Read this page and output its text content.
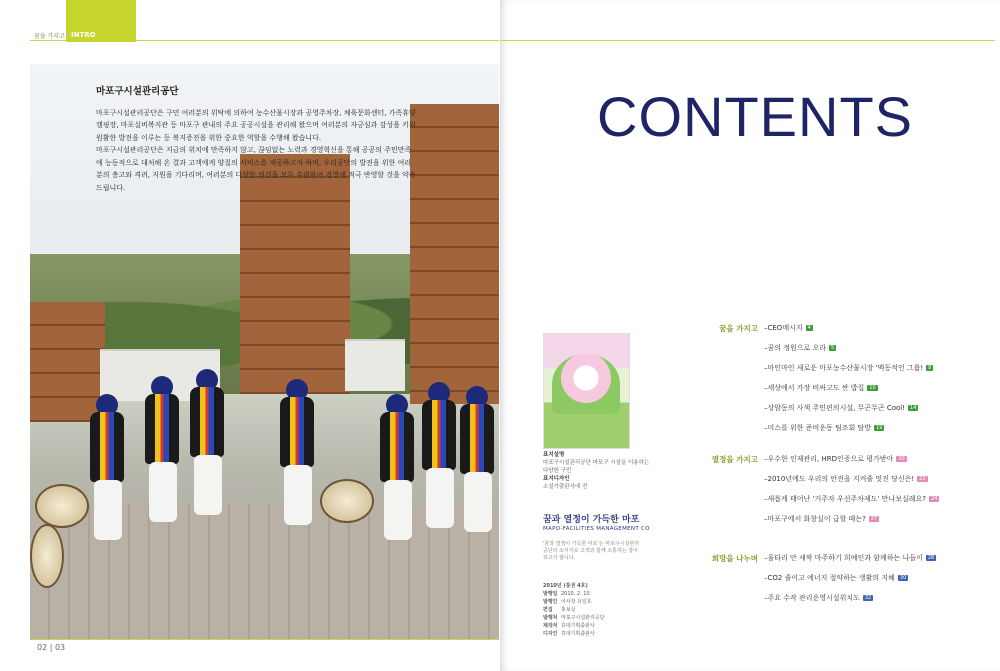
꿈을 가지고 INTRO
마포구시설관리공단

마포구시설관리공단은 구민 여러분의 위탁에 의하여 농수산물시장과 공영주차장, 체육문화센터, 가족휴양캠핑장, 마포실버복지관 등 마포구 관내의 주요 공공시설을 관리해 왔으며 여러분의 자긍심과 감성을 키워 원활한 발전을 이루는 등 복지증진을 위한 중요한 역할을 수행해 왔습니다.

마포구시설관리공단은 지금의 위치에 만족하지 않고, 끊임없는 노력과 경영혁신을 통해 공공의 주민만족에 능동적으로 대처해 온 결과 고객에게 양질의 서비스를 제공하고자 하며, 우리공단의 발전을 위한 여러분의 충고와 격려, 지원을 기다리며, 여러분의 다양한 의견을 모두 수렴하여 경영에 적극 반영할 것을 약속드립니다.

02 | 03
CONTENTS
표지설명
마포구시설관리공단 마포구 시설을 이용하는 다양한 구민
표지디자인
소설가출판사에 전
꿈과 열정이 가득한 마포
MAPO-FACILITIES MANAGEMENT CO
'꿈과 열정이 가득한 마포'는 마포구시설관리공단의 소식지로 고객과 함께 소통하는 창이 되고자 합니다.
2010년 (통권 4호)
발행일 2010. 2. 10
발행인 이사장 유일호
편집 홍보실
발행처 마포구시설관리공단
제작처 휴대기획출판사
디자인 휴대기획출판사
꿈을 가지고 –CEO메시지 4
–꿈의 정원으로 오라 5
–마인마인 새로운 마포농수산물시장 '맥동적인 그룹! 8
–세상에서 가장 비싸고도 싼 밥집 10
–상암동의 사색 주민편의시설, 무곤무곤 Cool! 14
–미스를 위한 준비운동 팀조회 탐방 19
열정을 가지고 –우수한 인재관리, HRD인증으로 평가받아 20
–2010년에도 우리의 안전을 지켜줄 멋진 당신은! 22
–새롭게 태어난 '거주자 우선주차제도' 만나보실래요? 24
–마포구에서 화창실이 급할 때는? 27
희망을 나누며 –울타리 안 새싹 마주하기 희예인과 함께하는 나들이 28
–CO2 줄이고 에너지 절약하는 생활의 지혜 30
–주요 수작 관리운영시설위치도 32
